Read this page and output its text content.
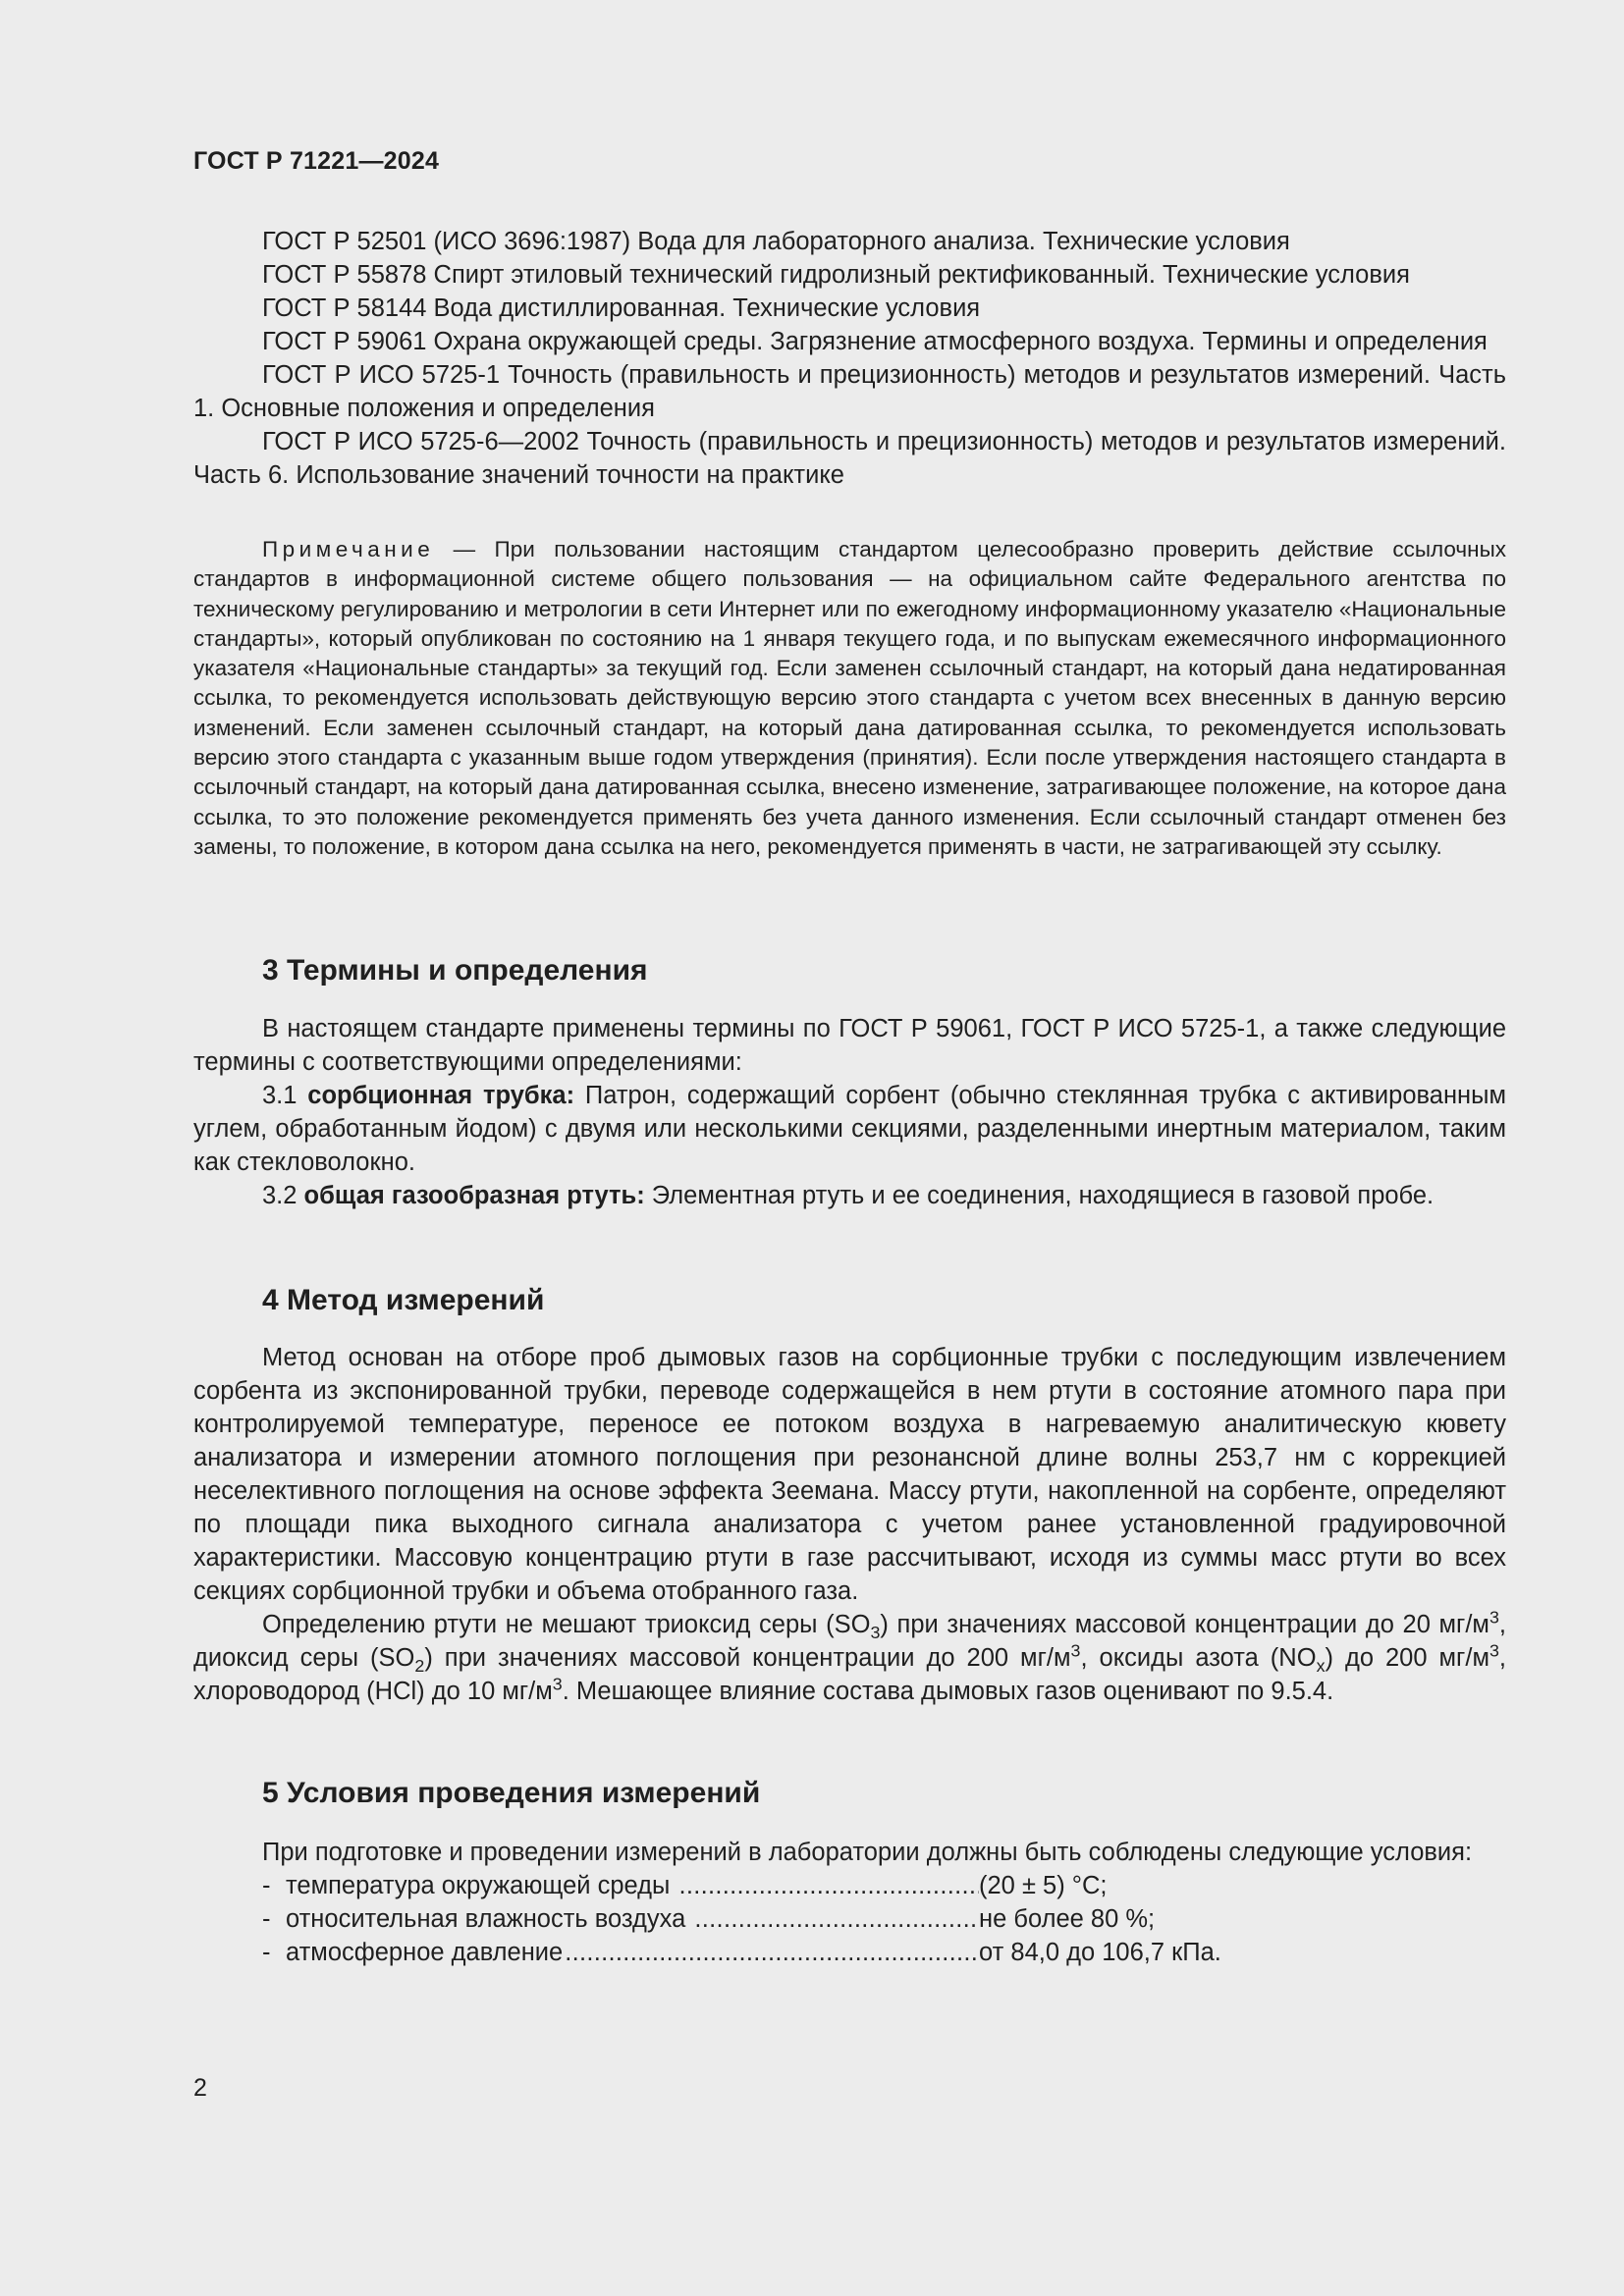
ГОСТ Р 71221—2024

ГОСТ Р 52501 (ИСО 3696:1987) Вода для лабораторного анализа. Технические условия

ГОСТ Р 55878 Спирт этиловый технический гидролизный ректификованный. Технические условия

ГОСТ Р 58144 Вода дистиллированная. Технические условия

ГОСТ Р 59061 Охрана окружающей среды. Загрязнение атмосферного воздуха. Термины и определения

ГОСТ Р ИСО 5725-1 Точность (правильность и прецизионность) методов и результатов измерений. Часть 1. Основные положения и определения

ГОСТ Р ИСО 5725-6—2002 Точность (правильность и прецизионность) методов и результатов измерений. Часть 6. Использование значений точности на практике

Примечание — При пользовании настоящим стандартом целесообразно проверить действие ссылочных стандартов в информационной системе общего пользования — на официальном сайте Федерального агентства по техническому регулированию и метрологии в сети Интернет или по ежегодному информационному указателю «Национальные стандарты», который опубликован по состоянию на 1 января текущего года, и по выпускам ежемесячного информационного указателя «Национальные стандарты» за текущий год. Если заменен ссылочный стандарт, на который дана недатированная ссылка, то рекомендуется использовать действующую версию этого стандарта с учетом всех внесенных в данную версию изменений. Если заменен ссылочный стандарт, на который дана датированная ссылка, то рекомендуется использовать версию этого стандарта с указанным выше годом утверждения (принятия). Если после утверждения настоящего стандарта в ссылочный стандарт, на который дана датированная ссылка, внесено изменение, затрагивающее положение, на которое дана ссылка, то это положение рекомендуется применять без учета данного изменения. Если ссылочный стандарт отменен без замены, то положение, в котором дана ссылка на него, рекомендуется применять в части, не затрагивающей эту ссылку.

3 Термины и определения

В настоящем стандарте применены термины по ГОСТ Р 59061, ГОСТ Р ИСО 5725-1, а также следующие термины с соответствующими определениями:

3.1 сорбционная трубка: Патрон, содержащий сорбент (обычно стеклянная трубка с активированным углем, обработанным йодом) с двумя или несколькими секциями, разделенными инертным материалом, таким как стекловолокно.

3.2 общая газообразная ртуть: Элементная ртуть и ее соединения, находящиеся в газовой пробе.

4 Метод измерений

Метод основан на отборе проб дымовых газов на сорбционные трубки с последующим извлечением сорбента из экспонированной трубки, переводе содержащейся в нем ртути в состояние атомного пара при контролируемой температуре, переносе ее потоком воздуха в нагреваемую аналитическую кювету анализатора и измерении атомного поглощения при резонансной длине волны 253,7 нм с коррекцией неселективного поглощения на основе эффекта Зеемана. Массу ртути, накопленной на сорбенте, определяют по площади пика выходного сигнала анализатора с учетом ранее установленной градуировочной характеристики. Массовую концентрацию ртути в газе рассчитывают, исходя из суммы масс ртути во всех секциях сорбционной трубки и объема отобранного газа.

Определению ртути не мешают триоксид серы $(SO_3)$ при значениях массовой концентрации до 20 $мг/м^3$, диоксид серы $(SO_2)$ при значениях массовой концентрации до 200 $мг/м^3$, оксиды азота $(NO_x)$ до 200 $мг/м^3$, хлороводород (HCl) до 10 $мг/м^3$. Мешающее влияние состава дымовых газов оценивают по 9.5.4.

5 Условия проведения измерений

При подготовке и проведении измерений в лаборатории должны быть соблюдены следующие условия:

- температура окружающей среды .....	(20 ± 5) °С;
- относительная влажность воздуха .....	не более 80 %;
- атмосферное давление .....	от 84,0 до 106,7 кПа.
2
